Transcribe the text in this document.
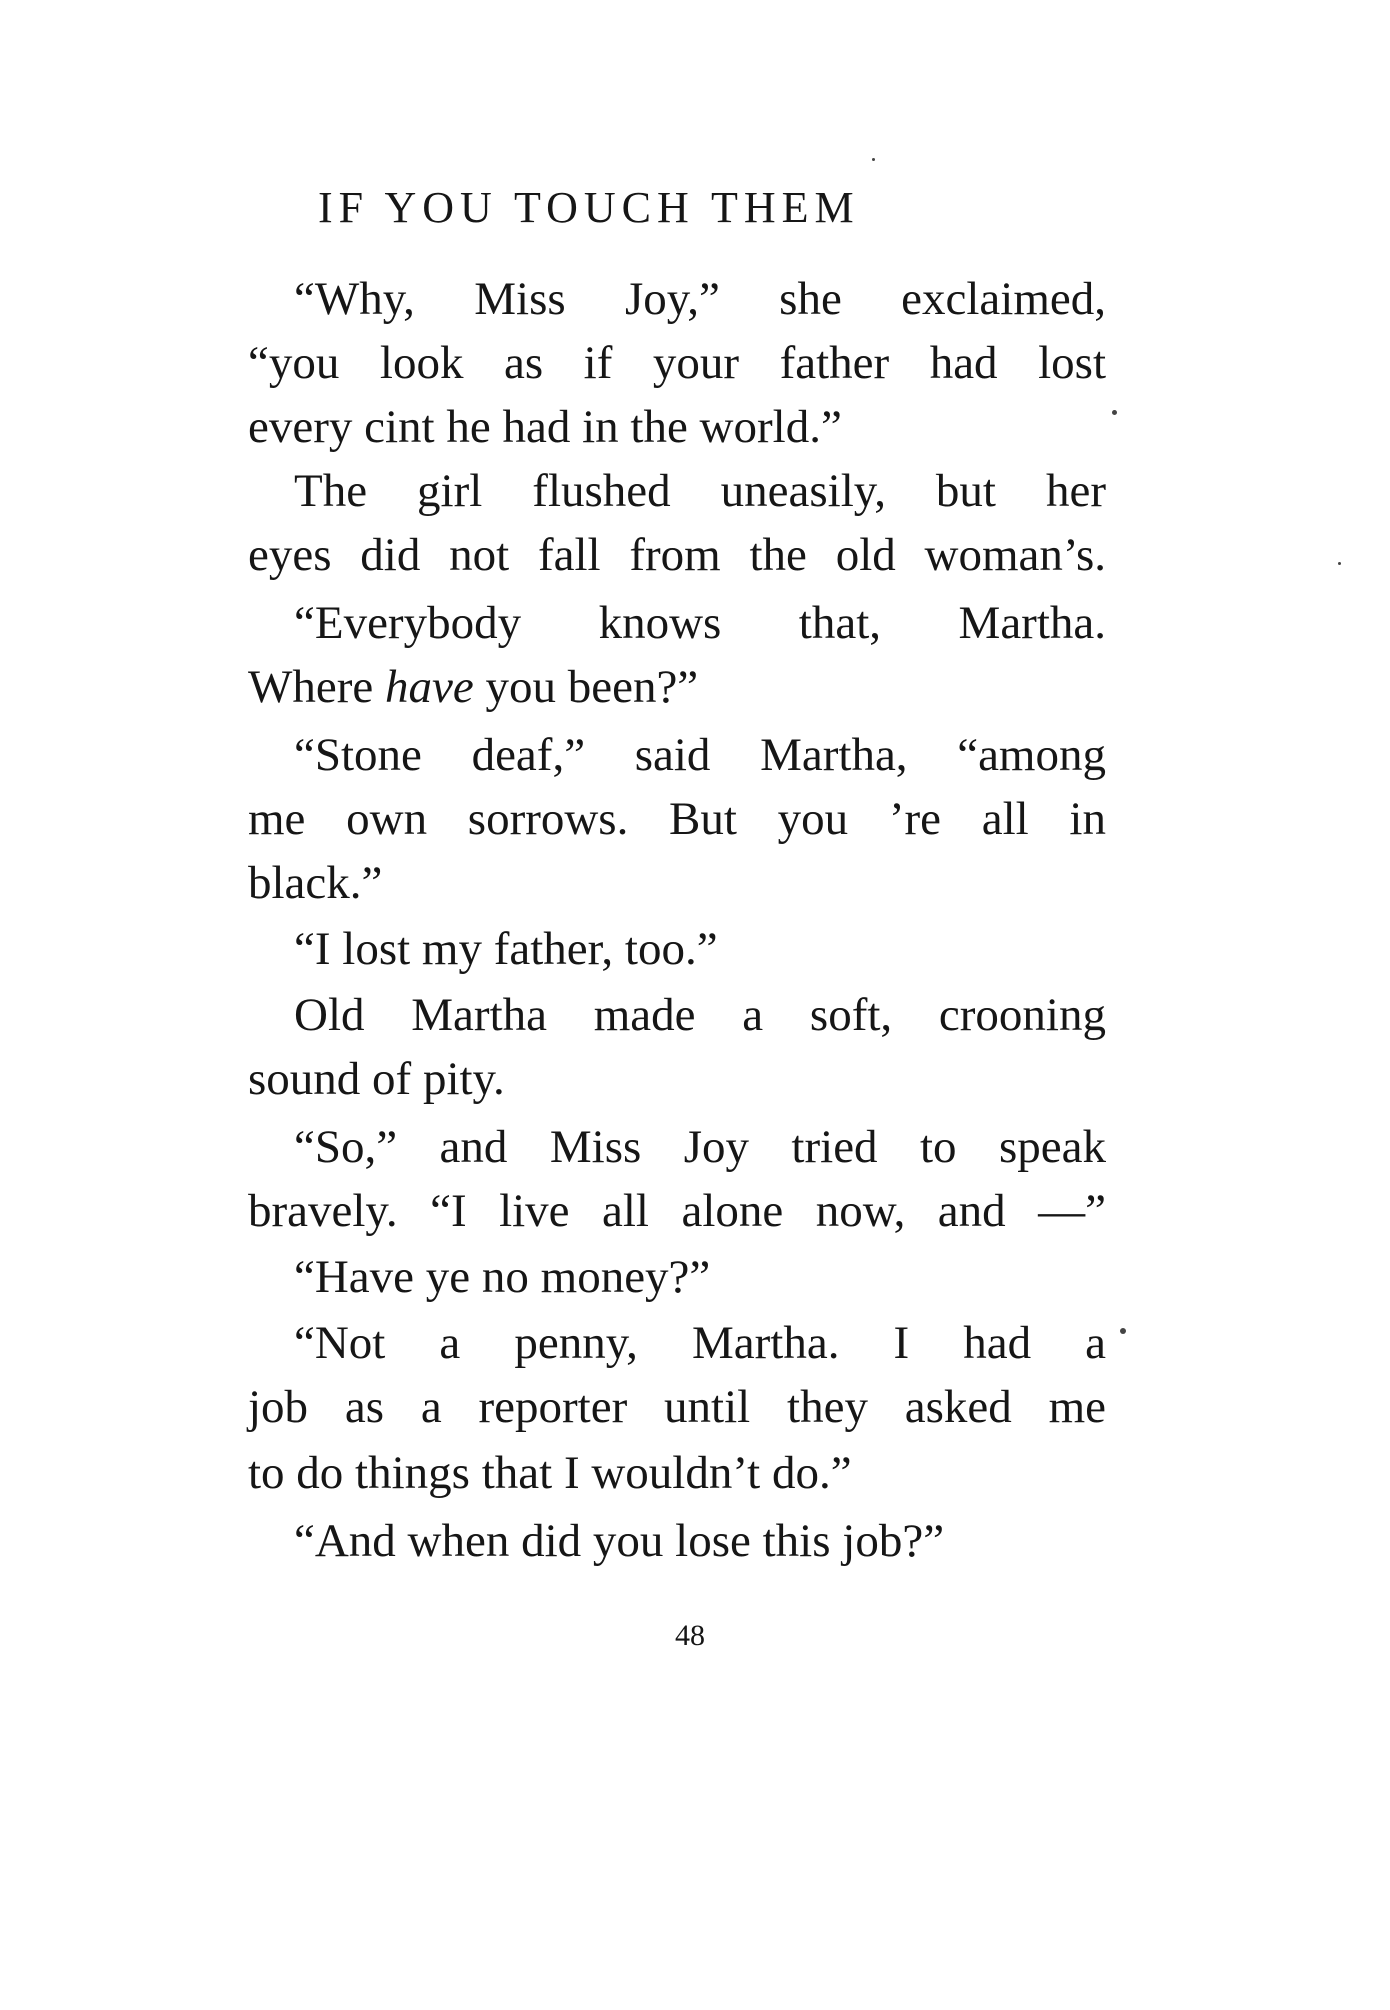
IF YOU TOUCH THEM
“Why, Miss Joy,” she exclaimed,
“you look as if your father had lost
every cint he had in the world.”
The girl flushed uneasily, but her
eyes did not fall from the old woman’s.
“Everybody knows that, Martha.
Where have you been?”
“Stone deaf,” said Martha, “among
me own sorrows. But you ’re all in
black.”
“I lost my father, too.”
Old Martha made a soft, crooning
sound of pity.
“So,” and Miss Joy tried to speak
bravely. “I live all alone now, and —”
“Have ye no money?”
“Not a penny, Martha. I had a
job as a reporter until they asked me
to do things that I wouldn’t do.”
“And when did you lose this job?”
48
